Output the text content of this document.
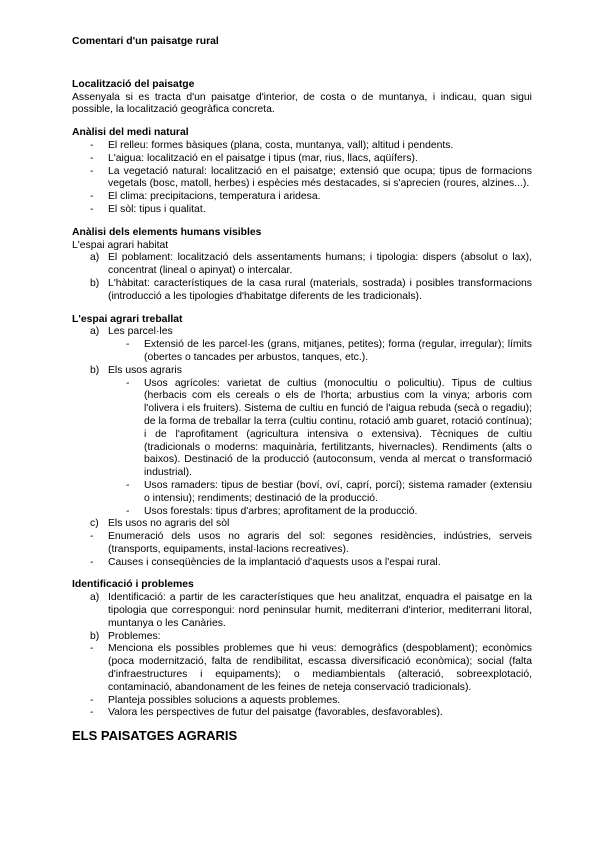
Comentari d'un paisatge rural
Localització del paisatge

Assenyala si es tracta d'un paisatge d'interior, de costa o de muntanya, i indicau, quan sigui possible, la localització geogràfica concreta.

Anàlisi del medi natural
- El relleu: formes bàsiques (plana, costa, muntanya, vall); altitud i pendents.
- L'aigua: localització en el paisatge i tipus (mar, rius, llacs, aqüífers).
- La vegetació natural: localització en el paisatge; extensió que ocupa; tipus de formacions vegetals (bosc, matoll, herbes) i espècies més destacades, si s'aprecien (roures, alzines...).
- El clima: precipitacions, temperatura i aridesa.
- El sòl: tipus i qualitat.
Anàlisi dels elements humans visibles

L'espai agrari habitat

a) El poblament: localització dels assentaments humans; i tipologia: dispers (absolut o lax), concentrat (lineal o apinyat) o intercalar.
b) L'hàbitat: característiques de la casa rural (materials, sostrada) i posibles transformacions (introducció a les tipologies d'habitatge diferents de les tradicionals).
L'espai agrari treballat
a) Les parcel·les
- Extensió de les parcel·les (grans, mitjanes, petites); forma (regular, irregular); límits (obertes o tancades per arbustos, tanques, etc.).
b) Els usos agraris
- Usos agrícoles: varietat de cultius (monocultiu o policultiu). Tipus de cultius (herbacis com els cereals o els de l'horta; arbustius com la vinya; arboris com l'olivera i els fruiters). Sistema de cultiu en funció de l'aigua rebuda (secà o regadiu); de la forma de treballar la terra (cultiu continu, rotació amb guaret, rotació contínua); i de l'aprofitament (agricultura intensiva o extensiva). Tècniques de cultiu (tradicionals o moderns: maquinària, fertilitzants, hivernacles). Rendiments (alts o baixos). Destinació de la producció (autoconsum, venda al mercat o transformació industrial).
- Usos ramaders: tipus de bestiar (boví, oví, caprí, porcí); sistema ramader (extensiu o intensiu); rendiments; destinació de la producció.
- Usos forestals: tipus d'arbres; aprofitament de la producció.
c) Els usos no agraris del sòl
- Enumeració dels usos no agraris del sol: segones residències, indústries, serveis (transports, equipaments, instal·lacions recreatives).
- Causes i conseqüències de la implantació d'aquests usos a l'espai rural.
Identificació i problemes
a) Identificació: a partir de les característiques que heu analitzat, enquadra el paisatge en la tipologia que correspongui: nord peninsular humit, mediterrani d'interior, mediterrani litoral, muntanya o les Canàries.
b) Problemes:
- Menciona els possibles problemes que hi veus: demogràfics (despoblament); econòmics (poca modernització, falta de rendibilitat, escassa diversificació econòmica); social (falta d'infraestructures i equipaments); o mediambientals (alteració, sobreexplotació, contaminació, abandonament de les feines de neteja conservació tradicionals).
- Planteja possibles solucions a aquests problemes.
- Valora les perspectives de futur del paisatge (favorables, desfavorables).
ELS PAISATGES AGRARIS
